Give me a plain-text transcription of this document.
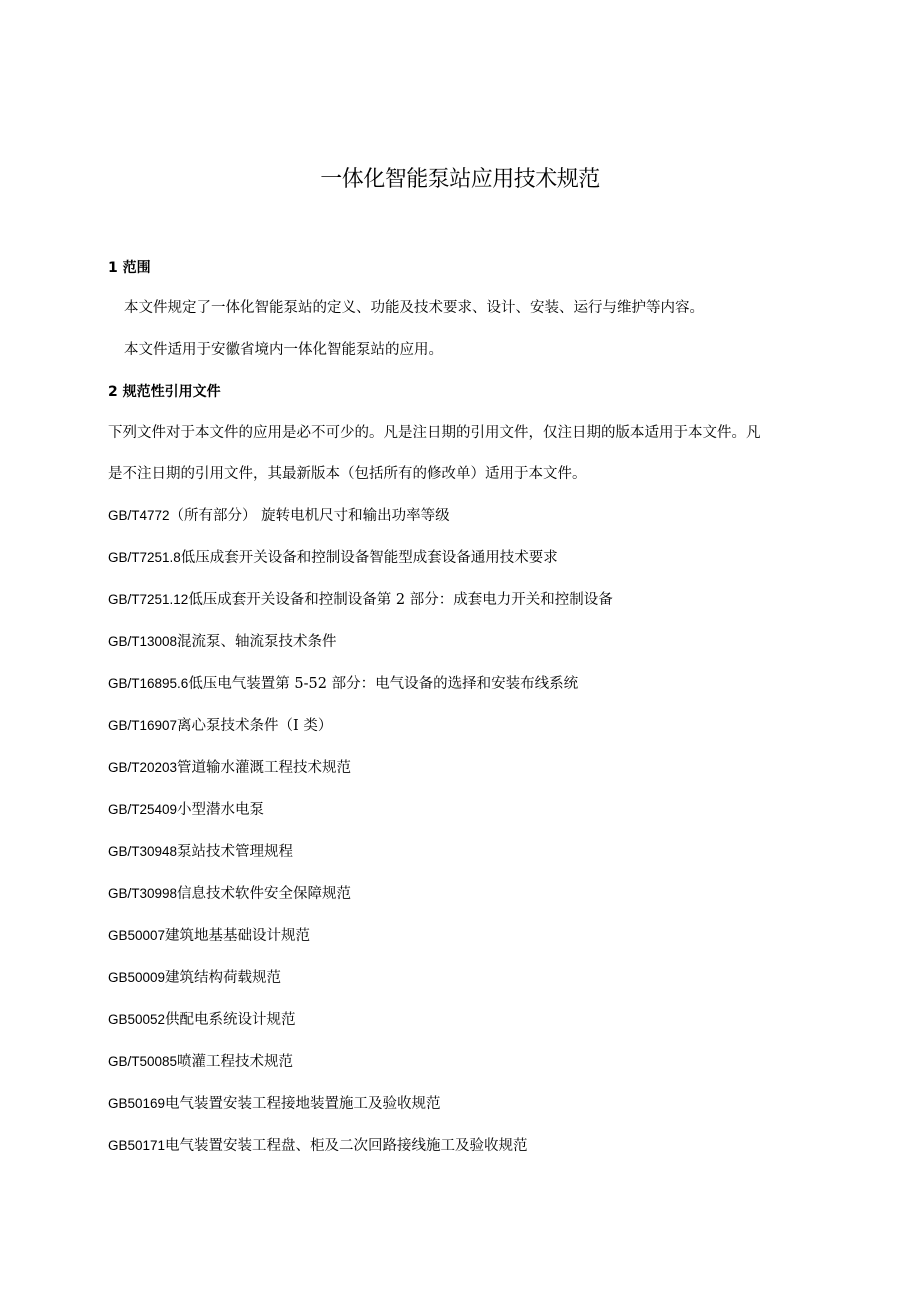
一体化智能泵站应用技术规范
1 范围

本文件规定了一体化智能泵站的定义、功能及技术要求、设计、安装、运行与维护等内容。

本文件适用于安徽省境内一体化智能泵站的应用。

2 规范性引用文件

下列文件对于本文件的应用是必不可少的。凡是注日期的引用文件，仅注日期的版本适用于本文件。凡

是不注日期的引用文件，其最新版本（包括所有的修改单）适用于本文件。

GB/T4772（所有部分） 旋转电机尺寸和输出功率等级

GB/T7251.8低压成套开关设备和控制设备智能型成套设备通用技术要求

GB/T7251.12低压成套开关设备和控制设备第 2 部分：成套电力开关和控制设备

GB/T13008混流泵、轴流泵技术条件

GB/T16895.6低压电气装置第 5-52 部分：电气设备的选择和安装布线系统

GB/T16907离心泵技术条件（I 类）

GB/T20203管道输水灌溉工程技术规范

GB/T25409小型潜水电泵

GB/T30948泵站技术管理规程

GB/T30998信息技术软件安全保障规范

GB50007建筑地基基础设计规范

GB50009建筑结构荷载规范

GB50052供配电系统设计规范

GB/T50085喷灌工程技术规范

GB50169电气装置安装工程接地装置施工及验收规范

GB50171电气装置安装工程盘、柜及二次回路接线施工及验收规范
